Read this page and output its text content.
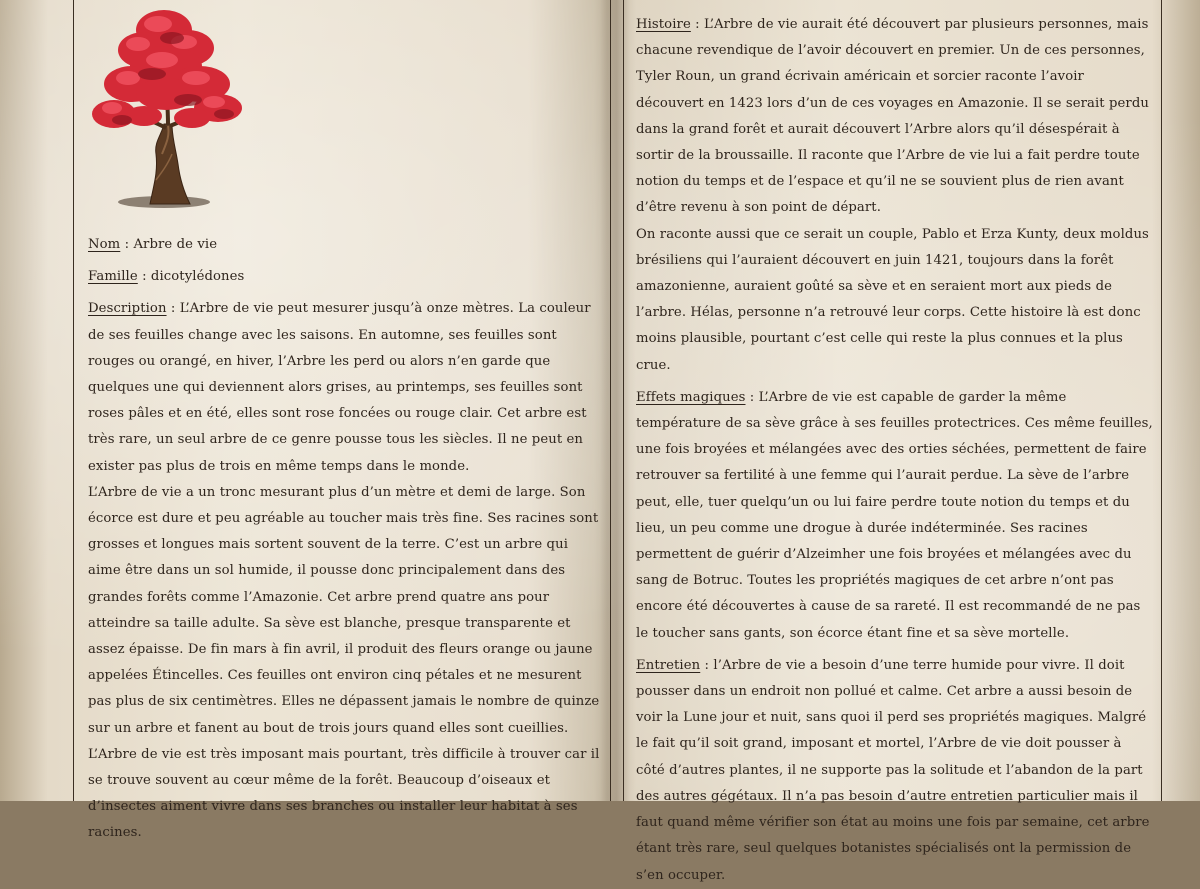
Nom : Arbre de vie
Famille : dicotylédones
Description : L’Arbre de vie peut mesurer jusqu’à onze mètres. La couleur de ses feuilles change avec les saisons. En automne, ses feuilles sont rouges ou orangé, en hiver, l’Arbre les perd ou alors n’en garde que quelques une qui deviennent alors grises, au printemps, ses feuilles sont roses pâles et en été, elles sont rose foncées ou rouge clair. Cet arbre est très rare, un seul arbre de ce genre pousse tous les siècles. Il ne peut en exister pas plus de trois en même temps dans le monde.
L’Arbre de vie a un tronc mesurant plus d’un mètre et demi de large. Son écorce est dure et peu agréable au toucher mais très fine. Ses racines sont grosses et longues mais sortent souvent de la terre. C’est un arbre qui aime être dans un sol humide, il pousse donc principalement dans des grandes forêts comme l’Amazonie. Cet arbre prend quatre ans pour atteindre sa taille adulte. Sa sève est blanche, presque transparente et assez épaisse. De fin mars à fin avril, il produit des fleurs orange ou jaune appelées Étincelles. Ces feuilles ont environ cinq pétales et ne mesurent pas plus de six centimètres. Elles ne dépassent jamais le nombre de quinze sur un arbre et fanent au bout de trois jours quand elles sont cueillies. L’Arbre de vie est très imposant mais pourtant, très difficile à trouver car il se trouve souvent au cœur même de la forêt. Beaucoup d’oiseaux et d’insectes aiment vivre dans ses branches ou installer leur habitat à ses racines.
Histoire : L’Arbre de vie aurait été découvert par plusieurs personnes, mais chacune revendique de l’avoir découvert en premier. Un de ces personnes, Tyler Roun, un grand écrivain américain et sorcier raconte l’avoir découvert en 1423 lors d’un de ces voyages en Amazonie. Il se serait perdu dans la grand forêt et aurait découvert l’Arbre alors qu’il désespérait à sortir de la broussaille. Il raconte que l’Arbre de vie lui a fait perdre toute notion du temps et de l’espace et qu’il ne se souvient plus de rien avant d’être revenu à son point de départ.
On raconte aussi que ce serait un couple, Pablo et Erza Kunty, deux moldus brésiliens qui l’auraient découvert en juin 1421, toujours dans la forêt amazonienne, auraient goûté sa sève et en seraient mort aux pieds de l’arbre. Hélas, personne n’a retrouvé leur corps. Cette histoire là est donc moins plausible, pourtant c’est celle qui reste la plus connues et la plus crue.
Effets magiques : L’Arbre de vie est capable de garder la même température de sa sève grâce à ses feuilles protectrices. Ces même feuilles, une fois broyées et mélangées avec des orties séchées, permettent de faire retrouver sa fertilité à une femme qui l’aurait perdue. La sève de l’arbre peut, elle, tuer quelqu’un ou lui faire perdre toute notion du temps et du lieu, un peu comme une drogue à durée indéterminée. Ses racines permettent de guérir d’Alzeimher une fois broyées et mélangées avec du sang de Botruc. Toutes les propriétés magiques de cet arbre n’ont pas encore été découvertes à cause de sa rareté. Il est recommandé de ne pas le toucher sans gants, son écorce étant fine et sa sève mortelle.
Entretien : l’Arbre de vie a besoin d’une terre humide pour vivre. Il doit pousser dans un endroit non pollué et calme. Cet arbre a aussi besoin de voir la Lune jour et nuit, sans quoi il perd ses propriétés magiques. Malgré le fait qu’il soit grand, imposant et mortel, l’Arbre de vie doit pousser à côté d’autres plantes, il ne supporte pas la solitude et l’abandon de la part des autres gégétaux. Il n’a pas besoin d’autre entretien particulier mais il faut quand même vérifier son état au moins une fois par semaine, cet arbre étant très rare, seul quelques botanistes spécialisés ont la permission de s’en occuper.
